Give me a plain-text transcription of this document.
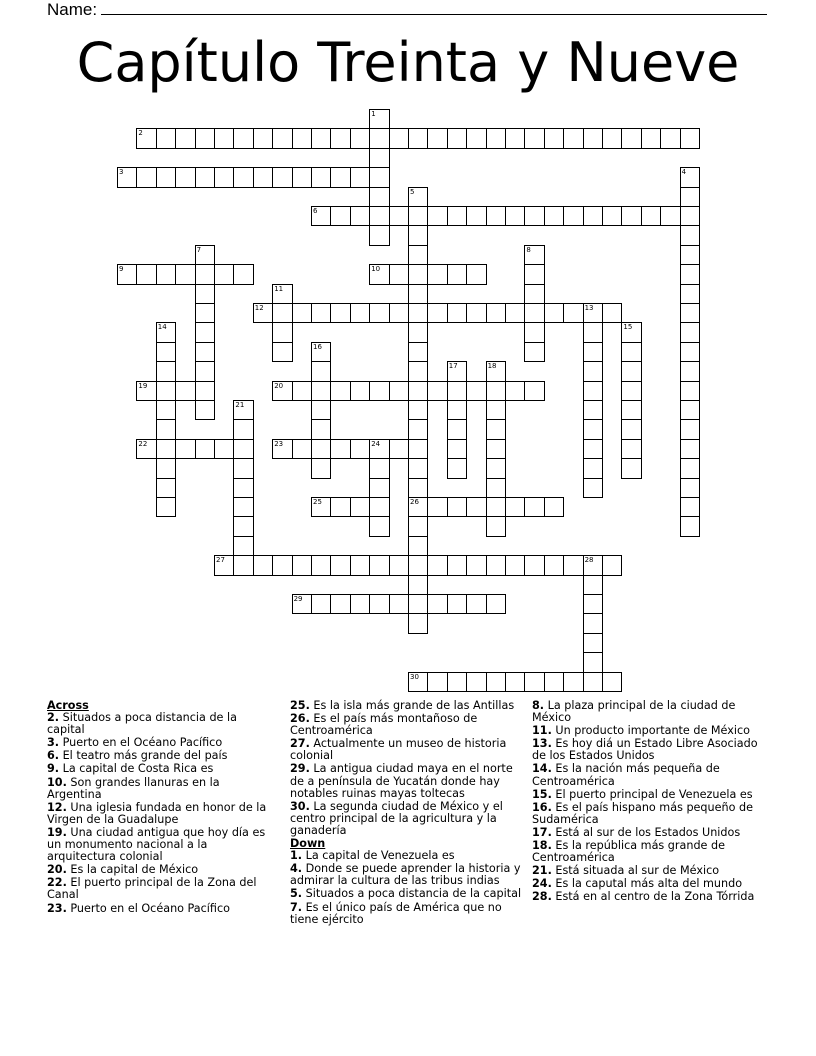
Name:
Capítulo Treinta y Nueve
1
2
3	4
5
26
6
7	8
9	10
11
12	13
14	15
16
17	18
19	20
21
22	23	24
25
27	28
29
30
Across
2. Situados a poca distancia de la capital
3. Puerto en el Océano Pacífico
6. El teatro más grande del país
9. La capital de Costa Rica es
10. Son grandes llanuras en la Argentina
12. Una iglesia fundada en honor de la Virgen de la Guadalupe
19. Una ciudad antigua que hoy día es un monumento nacional a la arquitectura colonial
20. Es la capital de México
22. El puerto principal de la Zona del Canal
23. Puerto en el Océano Pacífico
25. Es la isla más grande de las Antillas
26. Es el país más montañoso de Centroamérica
27. Actualmente un museo de historia colonial
29. La antigua ciudad maya en el norte de a península de Yucatán donde hay notables ruinas mayas toltecas
30. La segunda ciudad de México y el centro principal de la agricultura y la ganadería
Down
1. La capital de Venezuela es
4. Donde se puede aprender la historia y admirar la cultura de las tribus indias
5. Situados a poca distancia de la capital
7. Es el único país de América que no tiene ejército
8. La plaza principal de la ciudad de México
11. Un producto importante de México
13. Es hoy diá un Estado Libre Asociado de los Estados Unidos
14. Es la nación más pequeña de Centroamérica
15. El puerto principal de Venezuela es
16. Es el país hispano más pequeño de Sudamérica
17. Está al sur de los Estados Unidos
18. Es la república más grande de Centroamérica
21. Está situada al sur de México
24. Es la caputal más alta del mundo
28. Está en al centro de la Zona Tórrida
